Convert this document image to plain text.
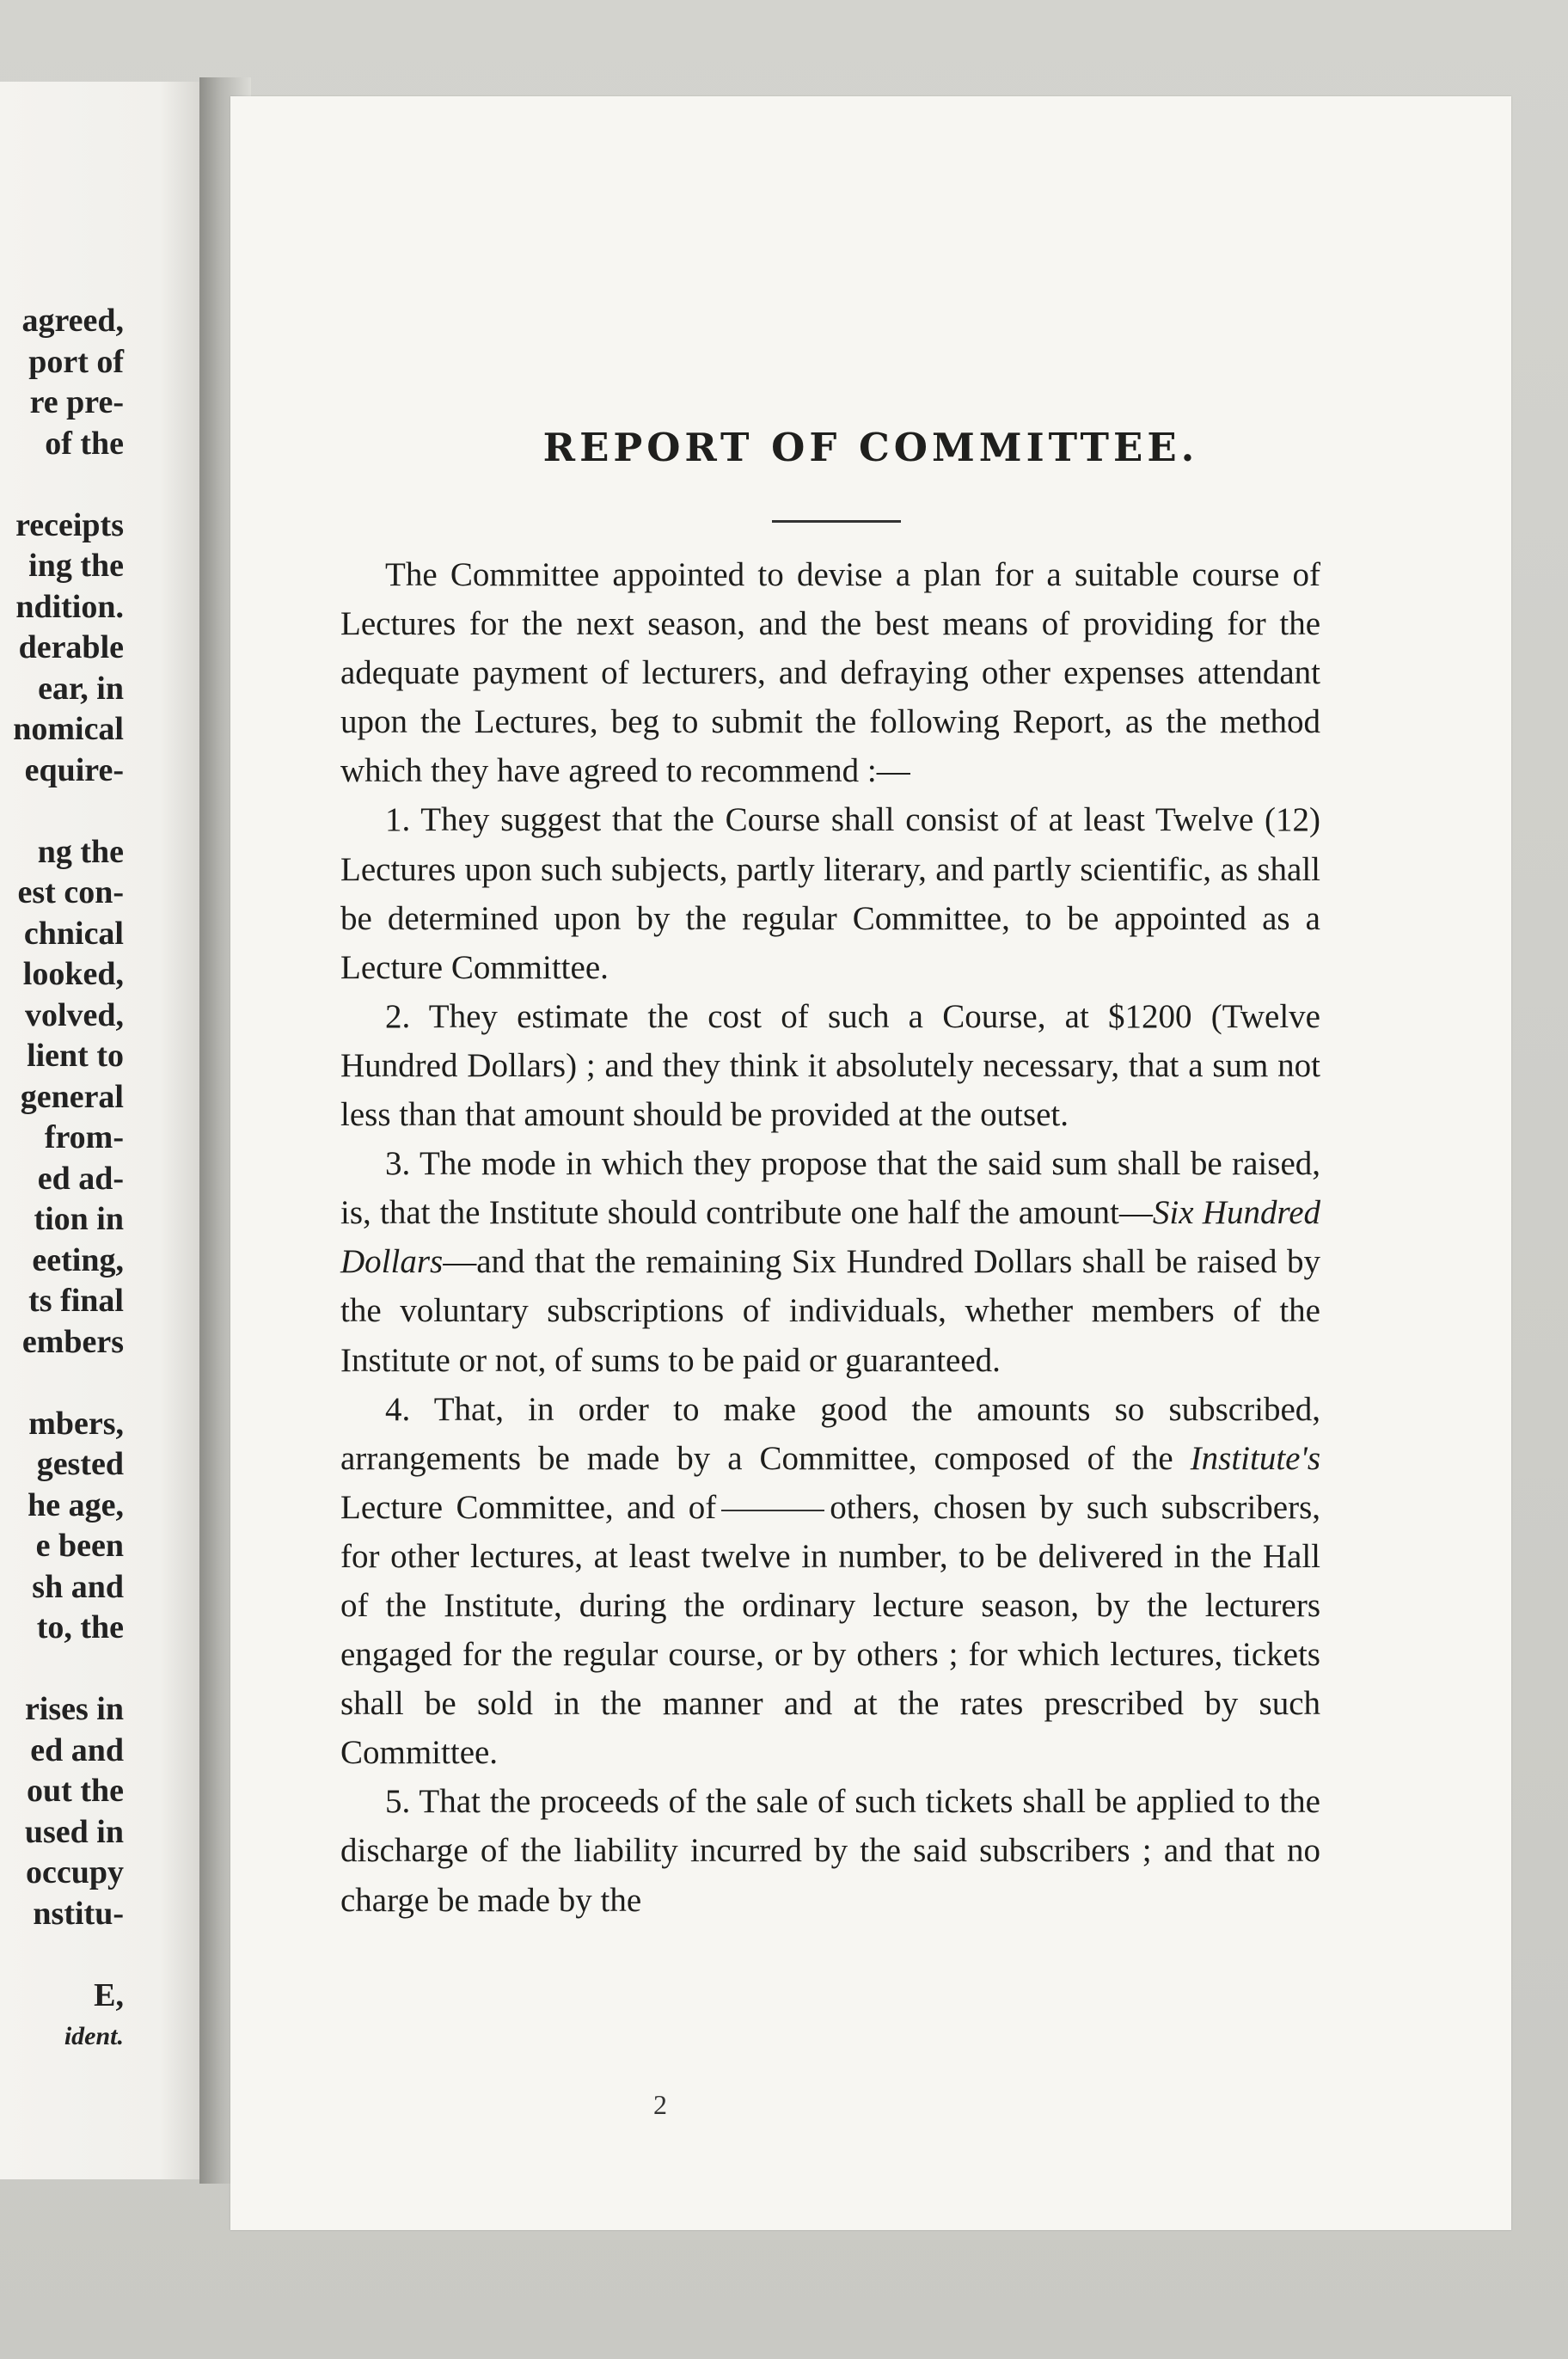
agreed,
port of
re pre-
of the

receipts
ing the
ndition.
derable
ear, in
nomical
equire-

ng the
est con-
chnical
looked,
volved,
lient to
general
from-
ed ad-
tion in
eeting,
ts final
embers

mbers,
gested
he age,
e been
sh and
to, the

rises in
ed and
out the
used in
occupy
nstitu-

E,
ident.
REPORT OF COMMITTEE.

The Committee appointed to devise a plan for a suitable course of Lectures for the next season, and the best means of providing for the adequate payment of lecturers, and defraying other expenses attendant upon the Lectures, beg to submit the following Report, as the method which they have agreed to recommend :—

1. They suggest that the Course shall consist of at least Twelve (12) Lectures upon such subjects, partly literary, and partly scientific, as shall be determined upon by the regular Committee, to be appointed as a Lecture Committee.

2. They estimate the cost of such a Course, at $1200 (Twelve Hundred Dollars) ; and they think it absolutely necessary, that a sum not less than that amount should be provided at the outset.

3. The mode in which they propose that the said sum shall be raised, is, that the Institute should contribute one half the amount—Six Hundred Dollars—and that the remaining Six Hundred Dollars shall be raised by the voluntary subscriptions of individuals, whether members of the Institute or not, of sums to be paid or guaranteed.

4. That, in order to make good the amounts so subscribed, arrangements be made by a Committee, composed of the Institute's Lecture Committee, and of	others, chosen by such subscribers, for other lectures, at least twelve in number, to be delivered in the Hall of the Institute, during the ordinary lecture season, by the lecturers engaged for the regular course, or by others ; for which lectures, tickets shall be sold in the manner and at the rates prescribed by such Committee.

5. That the proceeds of the sale of such tickets shall be applied to the discharge of the liability incurred by the said subscribers ; and that no charge be made by the

2
